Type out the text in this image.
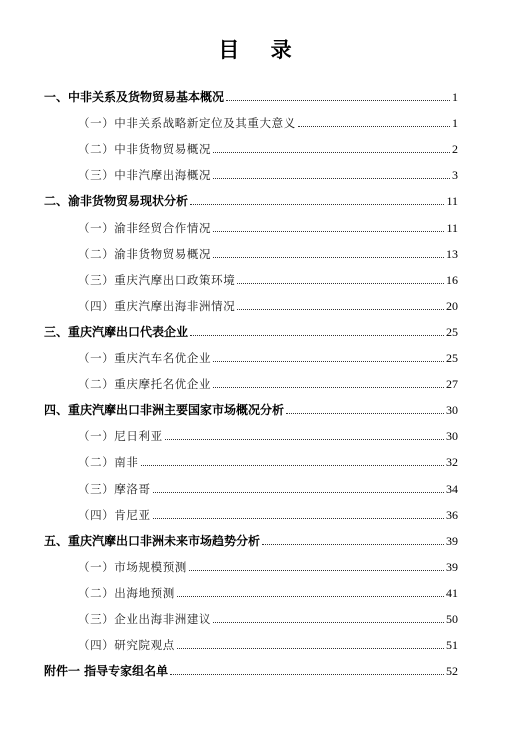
目 录
一、中非关系及货物贸易基本概况	1
（一）中非关系战略新定位及其重大意义	1
（二）中非货物贸易概况	2
（三）中非汽摩出海概况	3
二、渝非货物贸易现状分析	11
（一）渝非经贸合作情况	11
（二）渝非货物贸易概况	13
（三）重庆汽摩出口政策环境	16
（四）重庆汽摩出海非洲情况	20
三、重庆汽摩出口代表企业	25
（一）重庆汽车名优企业	25
（二）重庆摩托名优企业	27
四、重庆汽摩出口非洲主要国家市场概况分析	30
（一）尼日利亚	30
（二）南非	32
（三）摩洛哥	34
（四）肯尼亚	36
五、重庆汽摩出口非洲未来市场趋势分析	39
（一）市场规模预测	39
（二）出海地预测	41
（三）企业出海非洲建议	50
（四）研究院观点	51
附件一 指导专家组名单	52
